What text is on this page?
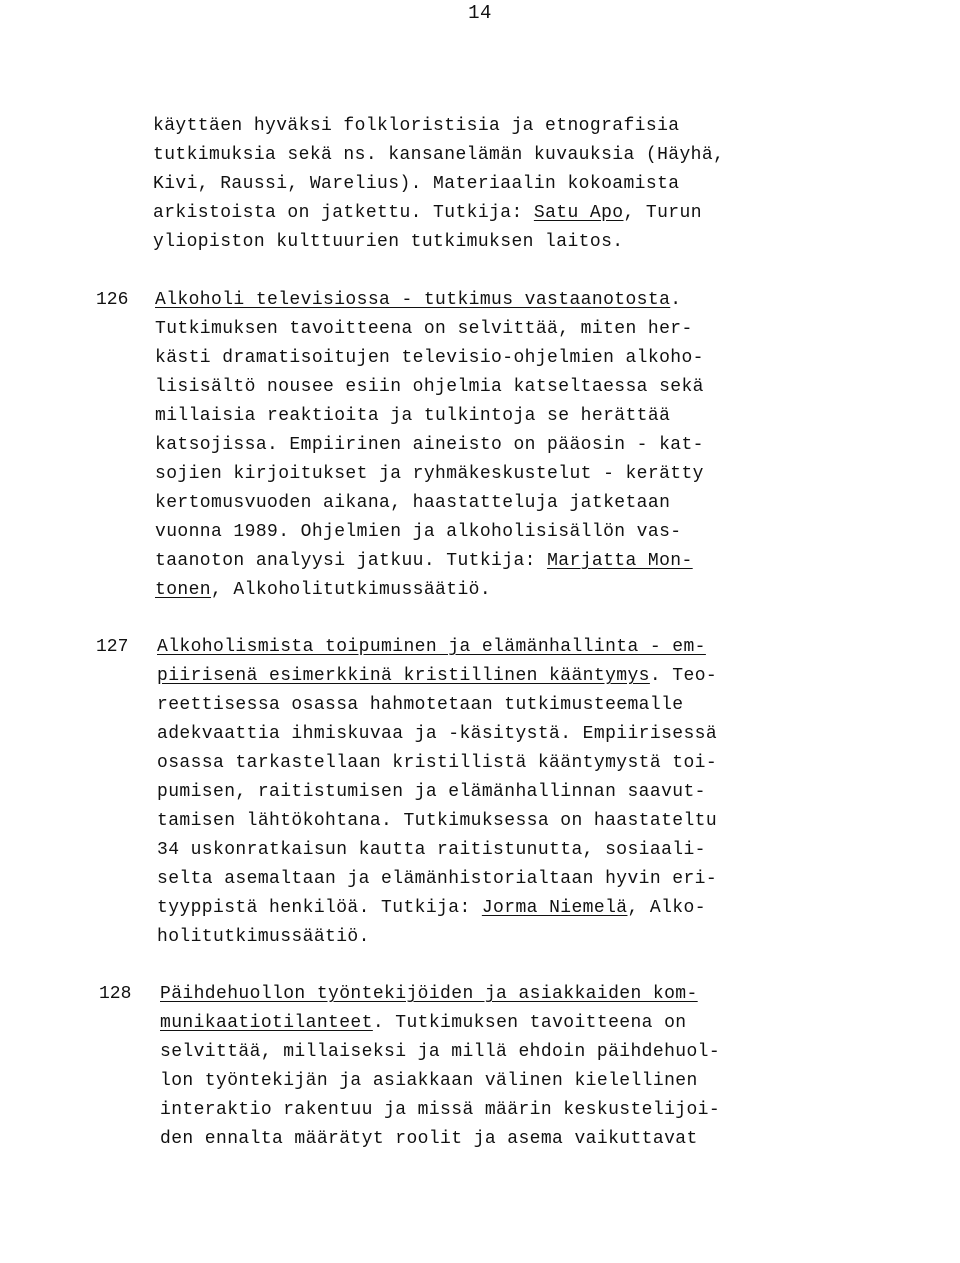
14
käyttäen hyväksi folkloristisia ja etnografisia
tutkimuksia sekä ns. kansanelämän kuvauksia (Häyhä,
Kivi, Raussi, Warelius). Materiaalin kokoamista
arkistoista on jatkettu. Tutkija: Satu Apo, Turun
yliopiston kulttuurien tutkimuksen laitos.
126 Alkoholi televisiossa - tutkimus vastaanotosta.
Tutkimuksen tavoitteena on selvittää, miten her-
kästi dramatisoitujen televisio-ohjelmien alkoho-
lisisältö nousee esiin ohjelmia katseltaessa sekä
millaisia reaktioita ja tulkintoja se herättää
katsojissa. Empiirinen aineisto on pääosin - kat-
sojien kirjoitukset ja ryhmäkeskustelut - kerätty
kertomusvuoden aikana, haastatteluja jatketaan
vuonna 1989. Ohjelmien ja alkoholisisällön vas-
taanoton analyysi jatkuu. Tutkija: Marjatta Mon-
tonen, Alkoholitutkimussäätiö.
127 Alkoholismista toipuminen ja elämänhallinta - em-
piirisenä esimerkkinä kristillinen kääntymys. Teo-
reettisessa osassa hahmotetaan tutkimusteemalle
adekvaattia ihmiskuvaa ja -käsitystä. Empiirisessä
osassa tarkastellaan kristillistä kääntymystä toi-
pumisen, raitistumisen ja elämänhallinnan saavut-
tamisen lähtökohtana. Tutkimuksessa on haastateltu
34 uskonratkaisun kautta raitistunutta, sosiaali-
selta asemaltaan ja elämänhistorialtaan hyvin eri-
tyyppistä henkilöä. Tutkija: Jorma Niemelä, Alko-
holitutkimussäätiö.
128 Päihdehuollon työntekijöiden ja asiakkaiden kom-
munikaatiotilanteet. Tutkimuksen tavoitteena on
selvittää, millaiseksi ja millä ehdoin päihdehuol-
lon työntekijän ja asiakkaan välinen kielellinen
interaktio rakentuu ja missä määrin keskustelijoi-
den ennalta määrätyt roolit ja asema vaikuttavat
